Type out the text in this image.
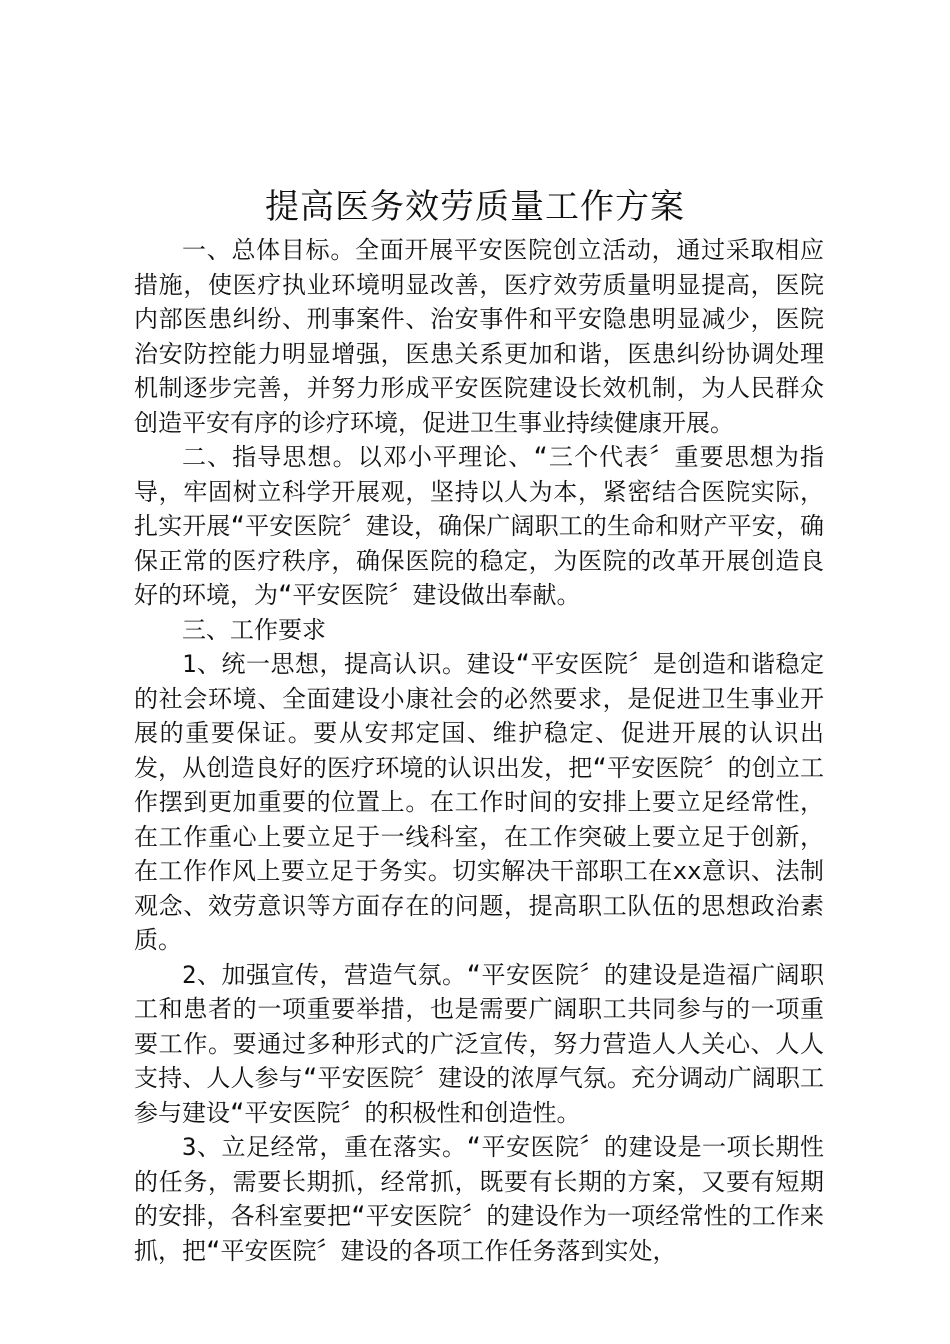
提高医务效劳质量工作方案

一、总体目标。全面开展平安医院创立活动，通过采取相应措施，使医疗执业环境明显改善，医疗效劳质量明显提高，医院内部医患纠纷、刑事案件、治安事件和平安隐患明显减少，医院治安防控能力明显增强，医患关系更加和谐，医患纠纷协调处理机制逐步完善，并努力形成平安医院建设长效机制，为人民群众创造平安有序的诊疗环境，促进卫生事业持续健康开展。

二、指导思想。以邓小平理论、“三个代表〞重要思想为指导，牢固树立科学开展观，坚持以人为本，紧密结合医院实际，扎实开展“平安医院〞建设，确保广阔职工的生命和财产平安，确保正常的医疗秩序，确保医院的稳定，为医院的改革开展创造良好的环境，为“平安医院〞建设做出奉献。

三、工作要求

1、统一思想，提高认识。建设“平安医院〞是创造和谐稳定的社会环境、全面建设小康社会的必然要求，是促进卫生事业开展的重要保证。要从安邦定国、维护稳定、促进开展的认识出发，从创造良好的医疗环境的认识出发，把“平安医院〞的创立工作摆到更加重要的位置上。在工作时间的安排上要立足经常性，在工作重心上要立足于一线科室，在工作突破上要立足于创新，在工作作风上要立足于务实。切实解决干部职工在xx意识、法制观念、效劳意识等方面存在的问题，提高职工队伍的思想政治素质。

2、加强宣传，营造气氛。“平安医院〞的建设是造福广阔职工和患者的一项重要举措，也是需要广阔职工共同参与的一项重要工作。要通过多种形式的广泛宣传，努力营造人人关心、人人支持、人人参与“平安医院〞建设的浓厚气氛。充分调动广阔职工参与建设“平安医院〞的积极性和创造性。

3、立足经常，重在落实。“平安医院〞的建设是一项长期性的任务，需要长期抓，经常抓，既要有长期的方案，又要有短期的安排，各科室要把“平安医院〞的建设作为一项经常性的工作来抓，把“平安医院〞建设的各项工作任务落到实处，
